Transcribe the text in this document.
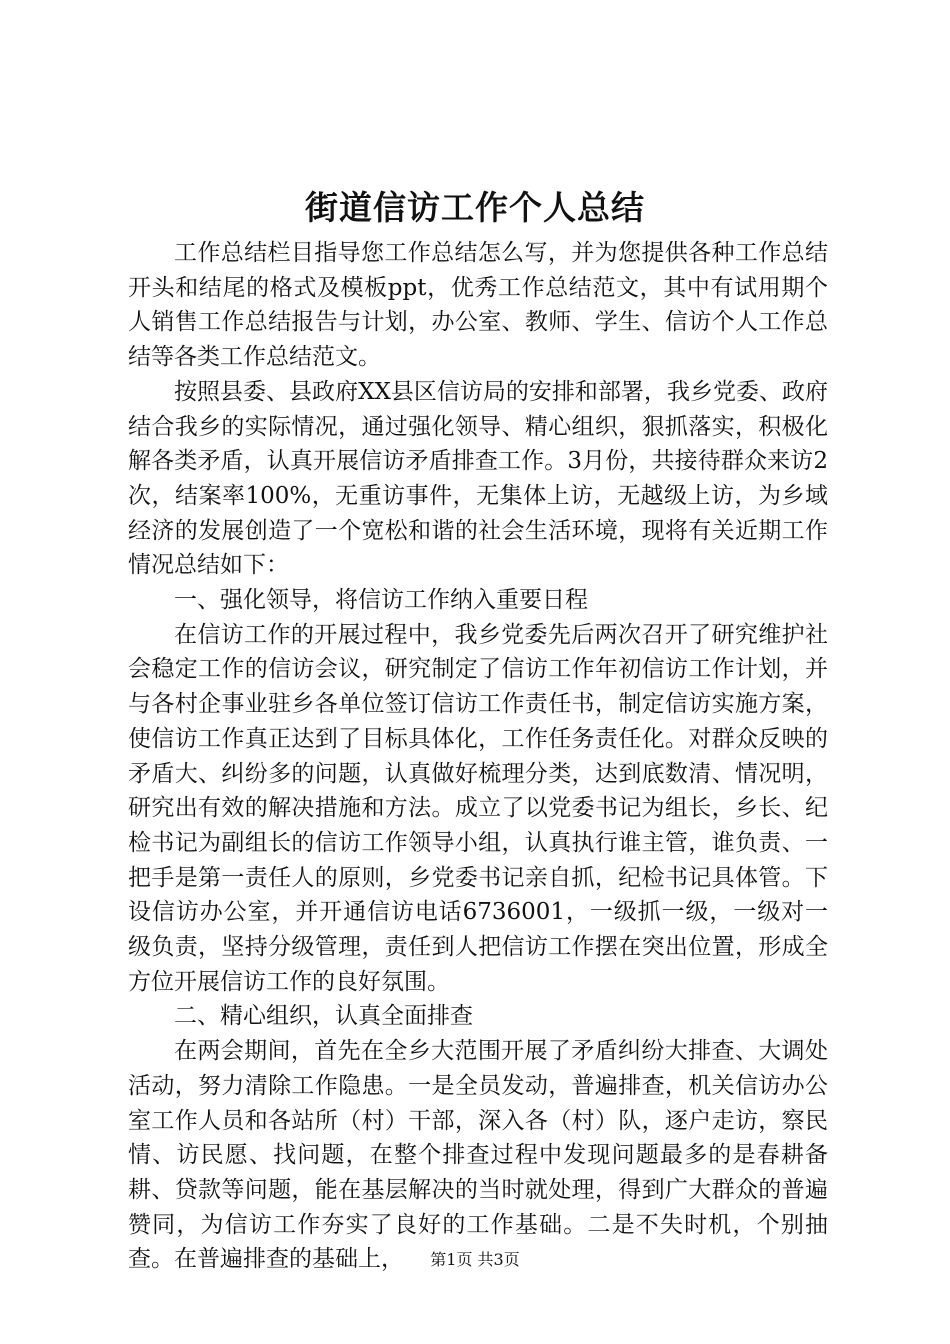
街道信访工作个人总结

工作总结栏目指导您工作总结怎么写，并为您提供各种工作总结开头和结尾的格式及模板ppt，优秀工作总结范文，其中有试用期个人销售工作总结报告与计划，办公室、教师、学生、信访个人工作总结等各类工作总结范文。

按照县委、县政府XX县区信访局的安排和部署，我乡党委、政府结合我乡的实际情况，通过强化领导、精心组织，狠抓落实，积极化解各类矛盾，认真开展信访矛盾排查工作。3月份，共接待群众来访2次，结案率100%，无重访事件，无集体上访，无越级上访，为乡域经济的发展创造了一个宽松和谐的社会生活环境，现将有关近期工作情况总结如下：

一、强化领导，将信访工作纳入重要日程

在信访工作的开展过程中，我乡党委先后两次召开了研究维护社会稳定工作的信访会议，研究制定了信访工作年初信访工作计划，并与各村企事业驻乡各单位签订信访工作责任书，制定信访实施方案，使信访工作真正达到了目标具体化，工作任务责任化。对群众反映的矛盾大、纠纷多的问题，认真做好梳理分类，达到底数清、情况明，研究出有效的解决措施和方法。成立了以党委书记为组长，乡长、纪检书记为副组长的信访工作领导小组，认真执行谁主管，谁负责、一把手是第一责任人的原则，乡党委书记亲自抓，纪检书记具体管。下设信访办公室，并开通信访电话6736001，一级抓一级，一级对一级负责，坚持分级管理，责任到人把信访工作摆在突出位置，形成全方位开展信访工作的良好氛围。

二、精心组织，认真全面排查

在两会期间，首先在全乡大范围开展了矛盾纠纷大排查、大调处活动，努力清除工作隐患。一是全员发动，普遍排查，机关信访办公室工作人员和各站所（村）干部，深入各（村）队，逐户走访，察民情、访民愿、找问题，在整个排查过程中发现问题最多的是春耕备耕、贷款等问题，能在基层解决的当时就处理，得到广大群众的普遍赞同，为信访工作夯实了良好的工作基础。二是不失时机，个别抽查。在普遍排查的基础上，	第1页 共3页
